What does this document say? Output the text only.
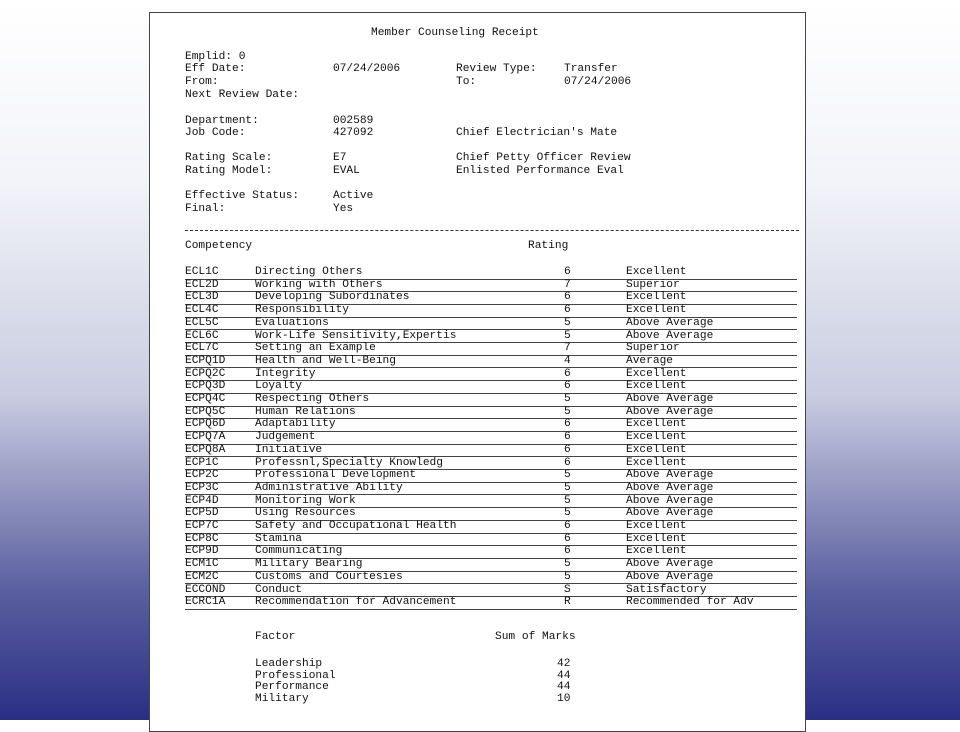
Member Counseling Receipt
Emplid: 0
Eff Date:	07/24/2006	Review Type: Transfer
From:	To:	07/24/2006
Next Review Date:
Department:	002589
Job Code:	427092	Chief Electrician's Mate
Rating Scale:	E7	Chief Petty Officer Review
Rating Model:	EVAL	Enlisted Performance Eval
Effective Status:	Active
Final:	Yes
Competency	Rating
ECL1C	Directing Others	6	Excellent
ECL2D	Working with Others	7	Superior
ECL3D	Developing Subordinates	6	Excellent
ECL4C	Responsibility	6	Excellent
ECL5C	Evaluations	5	Above Average
ECL6C	Work-Life Sensitivity,Expertis	5	Above Average
ECL7C	Setting an Example	7	Superior
ECPQ1D	Health and Well-Being	4	Average
ECPQ2C	Integrity	6	Excellent
ECPQ3D	Loyalty	6	Excellent
ECPQ4C	Respecting Others	5	Above Average
ECPQ5C	Human Relations	5	Above Average
ECPQ6D	Adaptability	6	Excellent
ECPQ7A	Judgement	6	Excellent
ECPQ8A	Initiative	6	Excellent
ECP1C	Professnl,Specialty Knowledg	6	Excellent
ECP2C	Professional Development	5	Above Average
ECP3C	Administrative Ability	5	Above Average
ECP4D	Monitoring Work	5	Above Average
ECP5D	Using Resources	5	Above Average
ECP7C	Safety and Occupational Health	6	Excellent
ECP8C	Stamina	6	Excellent
ECP9D	Communicating	6	Excellent
ECM1C	Military Bearing	5	Above Average
ECM2C	Customs and Courtesies	5	Above Average
ECCOND	Conduct	S	Satisfactory
ECRC1A	Recommendation for Advancement	R	Recommended for Adv
Factor	Sum of Marks
Leadership	42
Professional	44
Performance	44
Military	10
